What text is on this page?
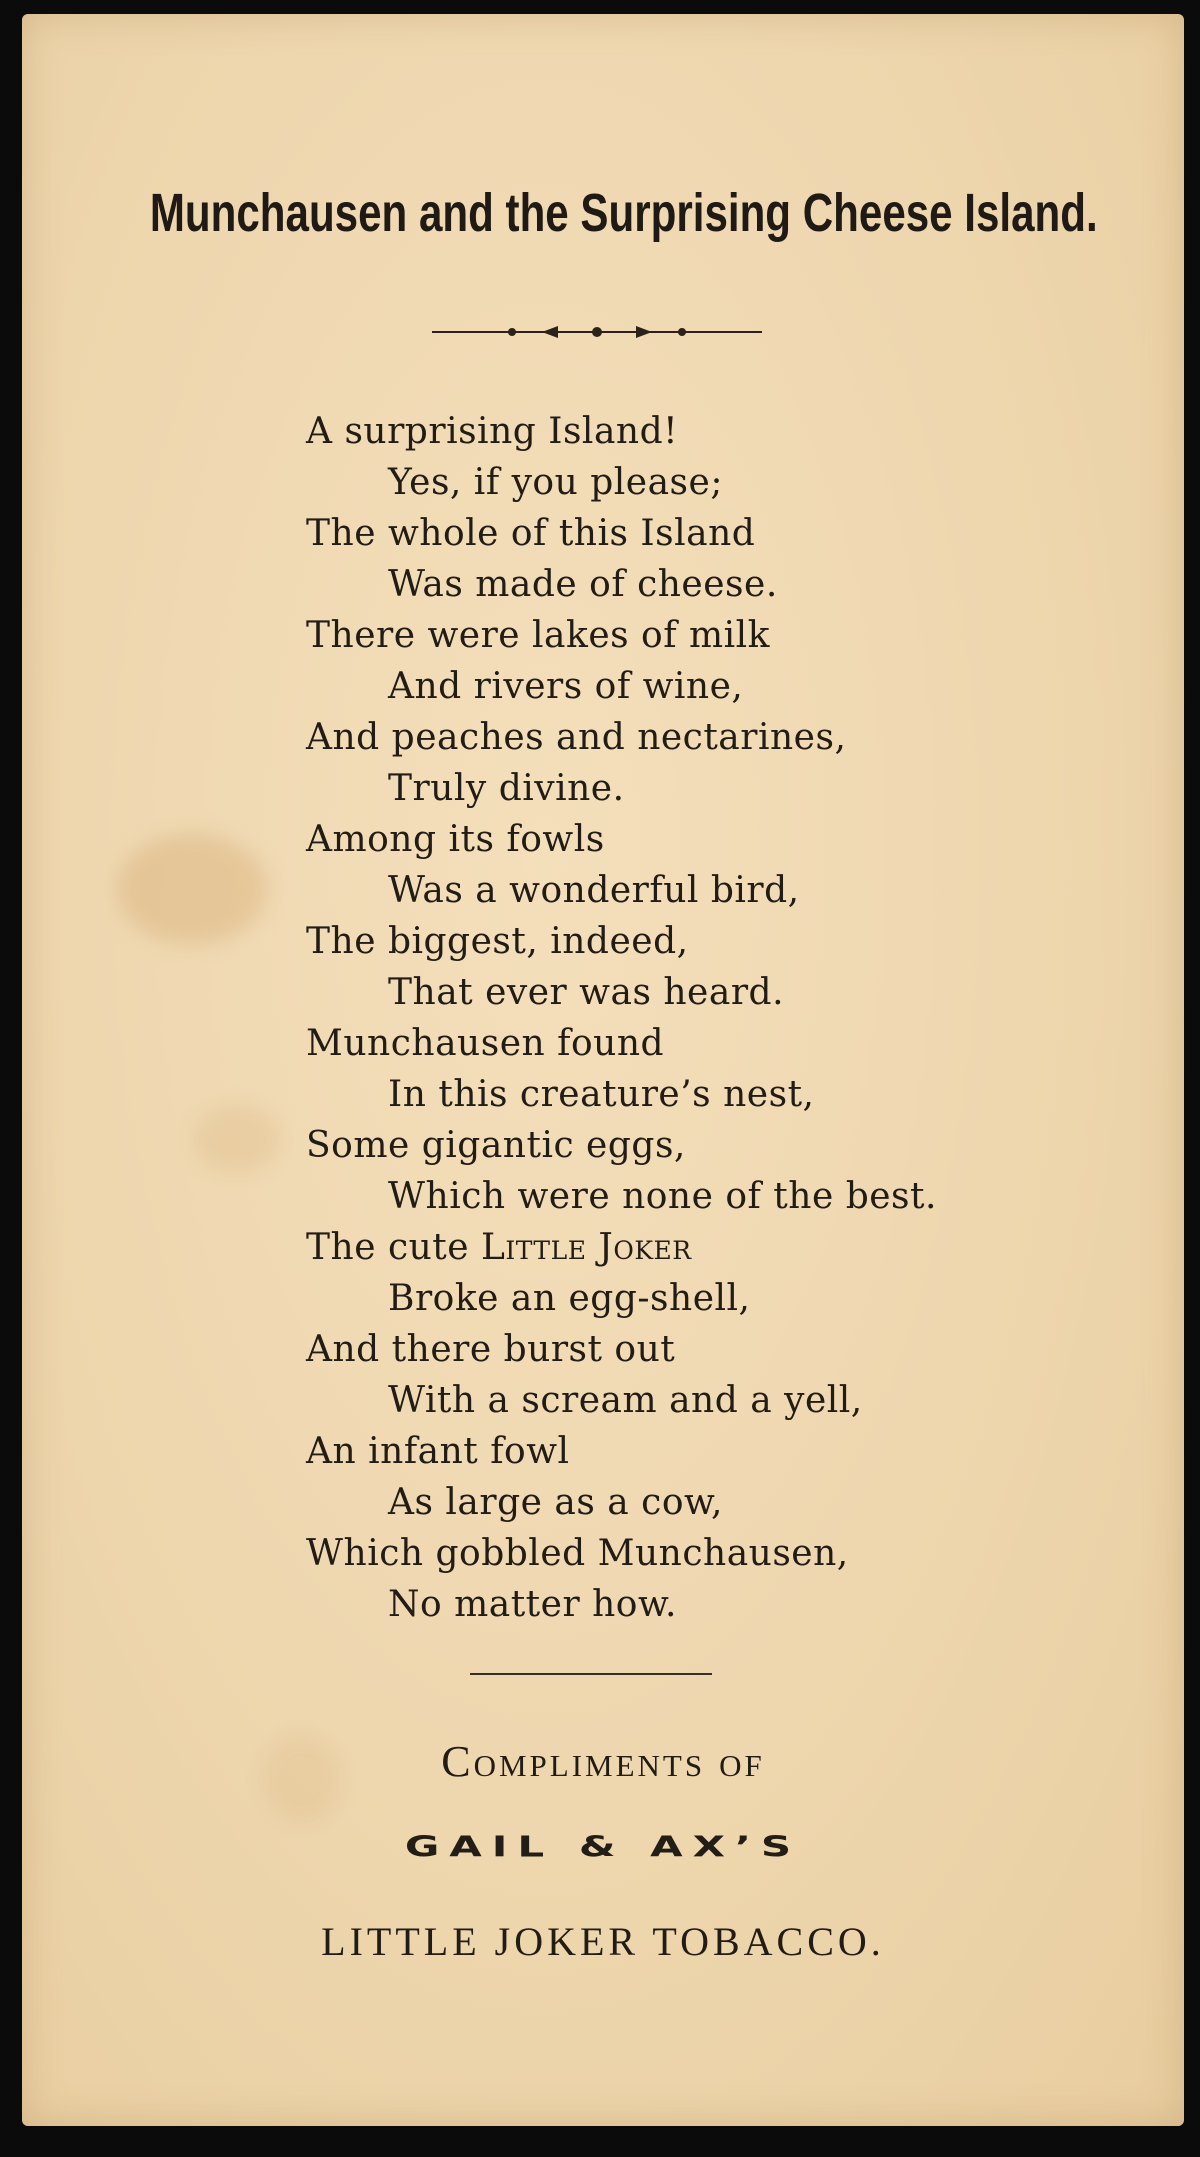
Munchausen and the Surprising Cheese Island.
A surprising Island!
Yes, if you please;
The whole of this Island
Was made of cheese.
There were lakes of milk
And rivers of wine,
And peaches and nectarines,
Truly divine.
Among its fowls
Was a wonderful bird,
The biggest, indeed,
That ever was heard.
Munchausen found
In this creature’s nest,
Some gigantic eggs,
Which were none of the best.
The cute Little Joker
Broke an egg-shell,
And there burst out
With a scream and a yell,
An infant fowl
As large as a cow,
Which gobbled Munchausen,
No matter how.
Compliments of
GAIL & AX’S
LITTLE JOKER TOBACCO.
